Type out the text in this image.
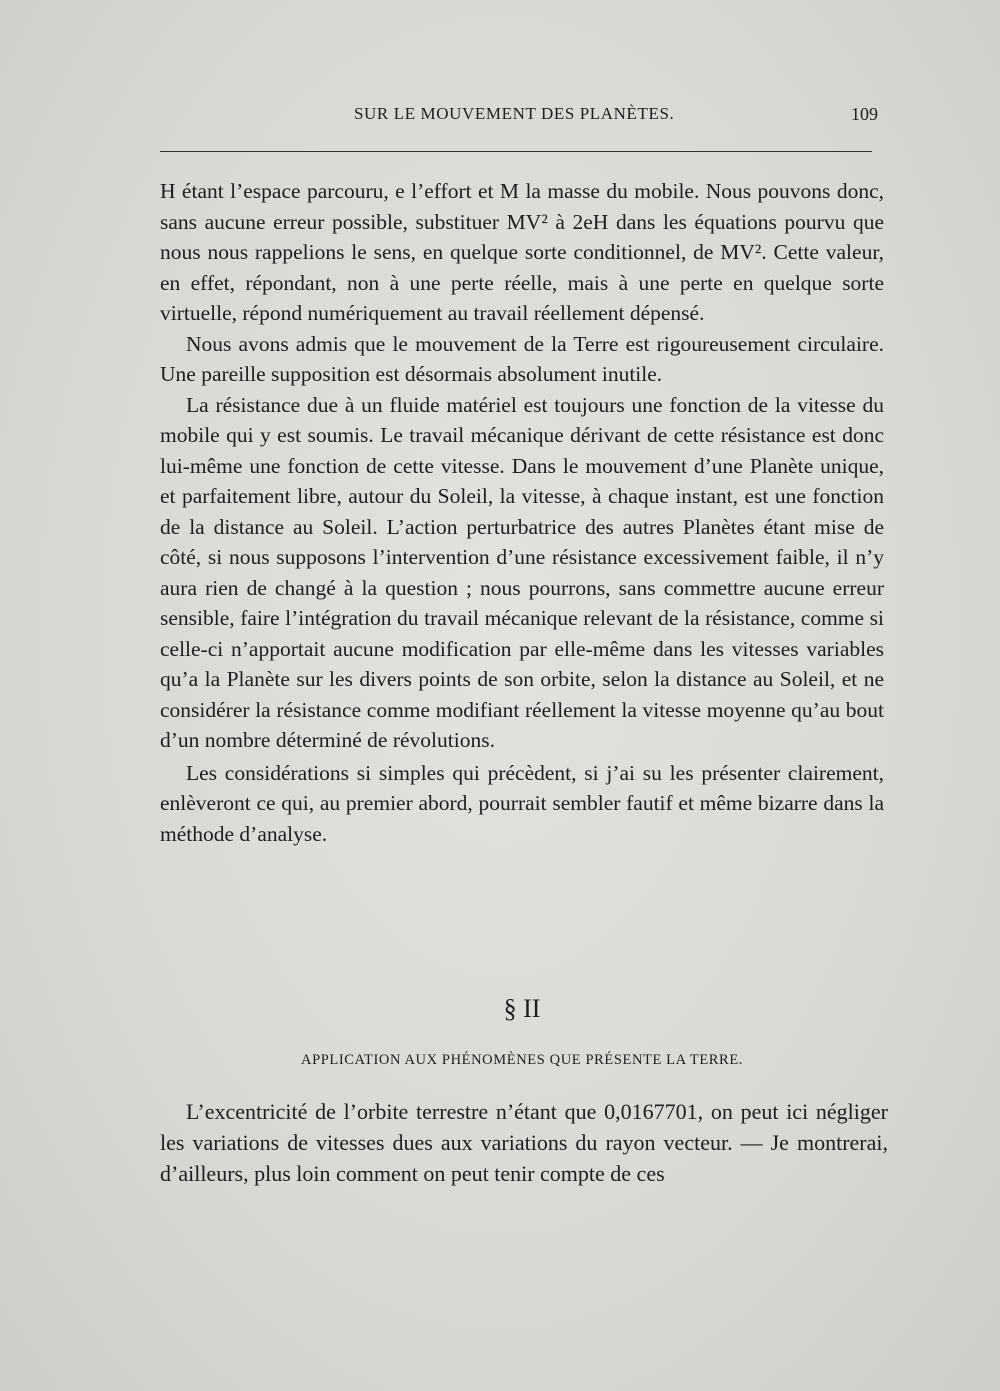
SUR LE MOUVEMENT DES PLANÈTES.	109

H étant l’espace parcouru, e l’effort et M la masse du mobile. Nous pouvons donc, sans aucune erreur possible, substituer MV² à 2eH dans les équations pourvu que nous nous rappelions le sens, en quelque sorte conditionnel, de MV². Cette valeur, en effet, répondant, non à une perte réelle, mais à une perte en quelque sorte virtuelle, répond numériquement au travail réellement dépensé.

Nous avons admis que le mouvement de la Terre est rigoureusement circulaire. Une pareille supposition est désormais absolument inutile.

La résistance due à un fluide matériel est toujours une fonction de la vitesse du mobile qui y est soumis. Le travail mécanique dérivant de cette résistance est donc lui-même une fonction de cette vitesse. Dans le mouvement d’une Planète unique, et parfaitement libre, autour du Soleil, la vitesse, à chaque instant, est une fonction de la distance au Soleil. L’action perturbatrice des autres Planètes étant mise de côté, si nous supposons l’intervention d’une résistance excessivement faible, il n’y aura rien de changé à la question ; nous pourrons, sans commettre aucune erreur sensible, faire l’intégration du travail mécanique relevant de la résistance, comme si celle-ci n’apportait aucune modification par elle-même dans les vitesses variables qu’a la Planète sur les divers points de son orbite, selon la distance au Soleil, et ne considérer la résistance comme modifiant réellement la vitesse moyenne qu’au bout d’un nombre déterminé de révolutions.

Les considérations si simples qui précèdent, si j’ai su les présenter clairement, enlèveront ce qui, au premier abord, pourrait sembler fautif et même bizarre dans la méthode d’analyse.

§ II

APPLICATION AUX PHÉNOMÈNES QUE PRÉSENTE LA TERRE.

L’excentricité de l’orbite terrestre n’étant que 0,0167701, on peut ici négliger les variations de vitesses dues aux variations du rayon vecteur. — Je montrerai, d’ailleurs, plus loin comment on peut tenir compte de ces
